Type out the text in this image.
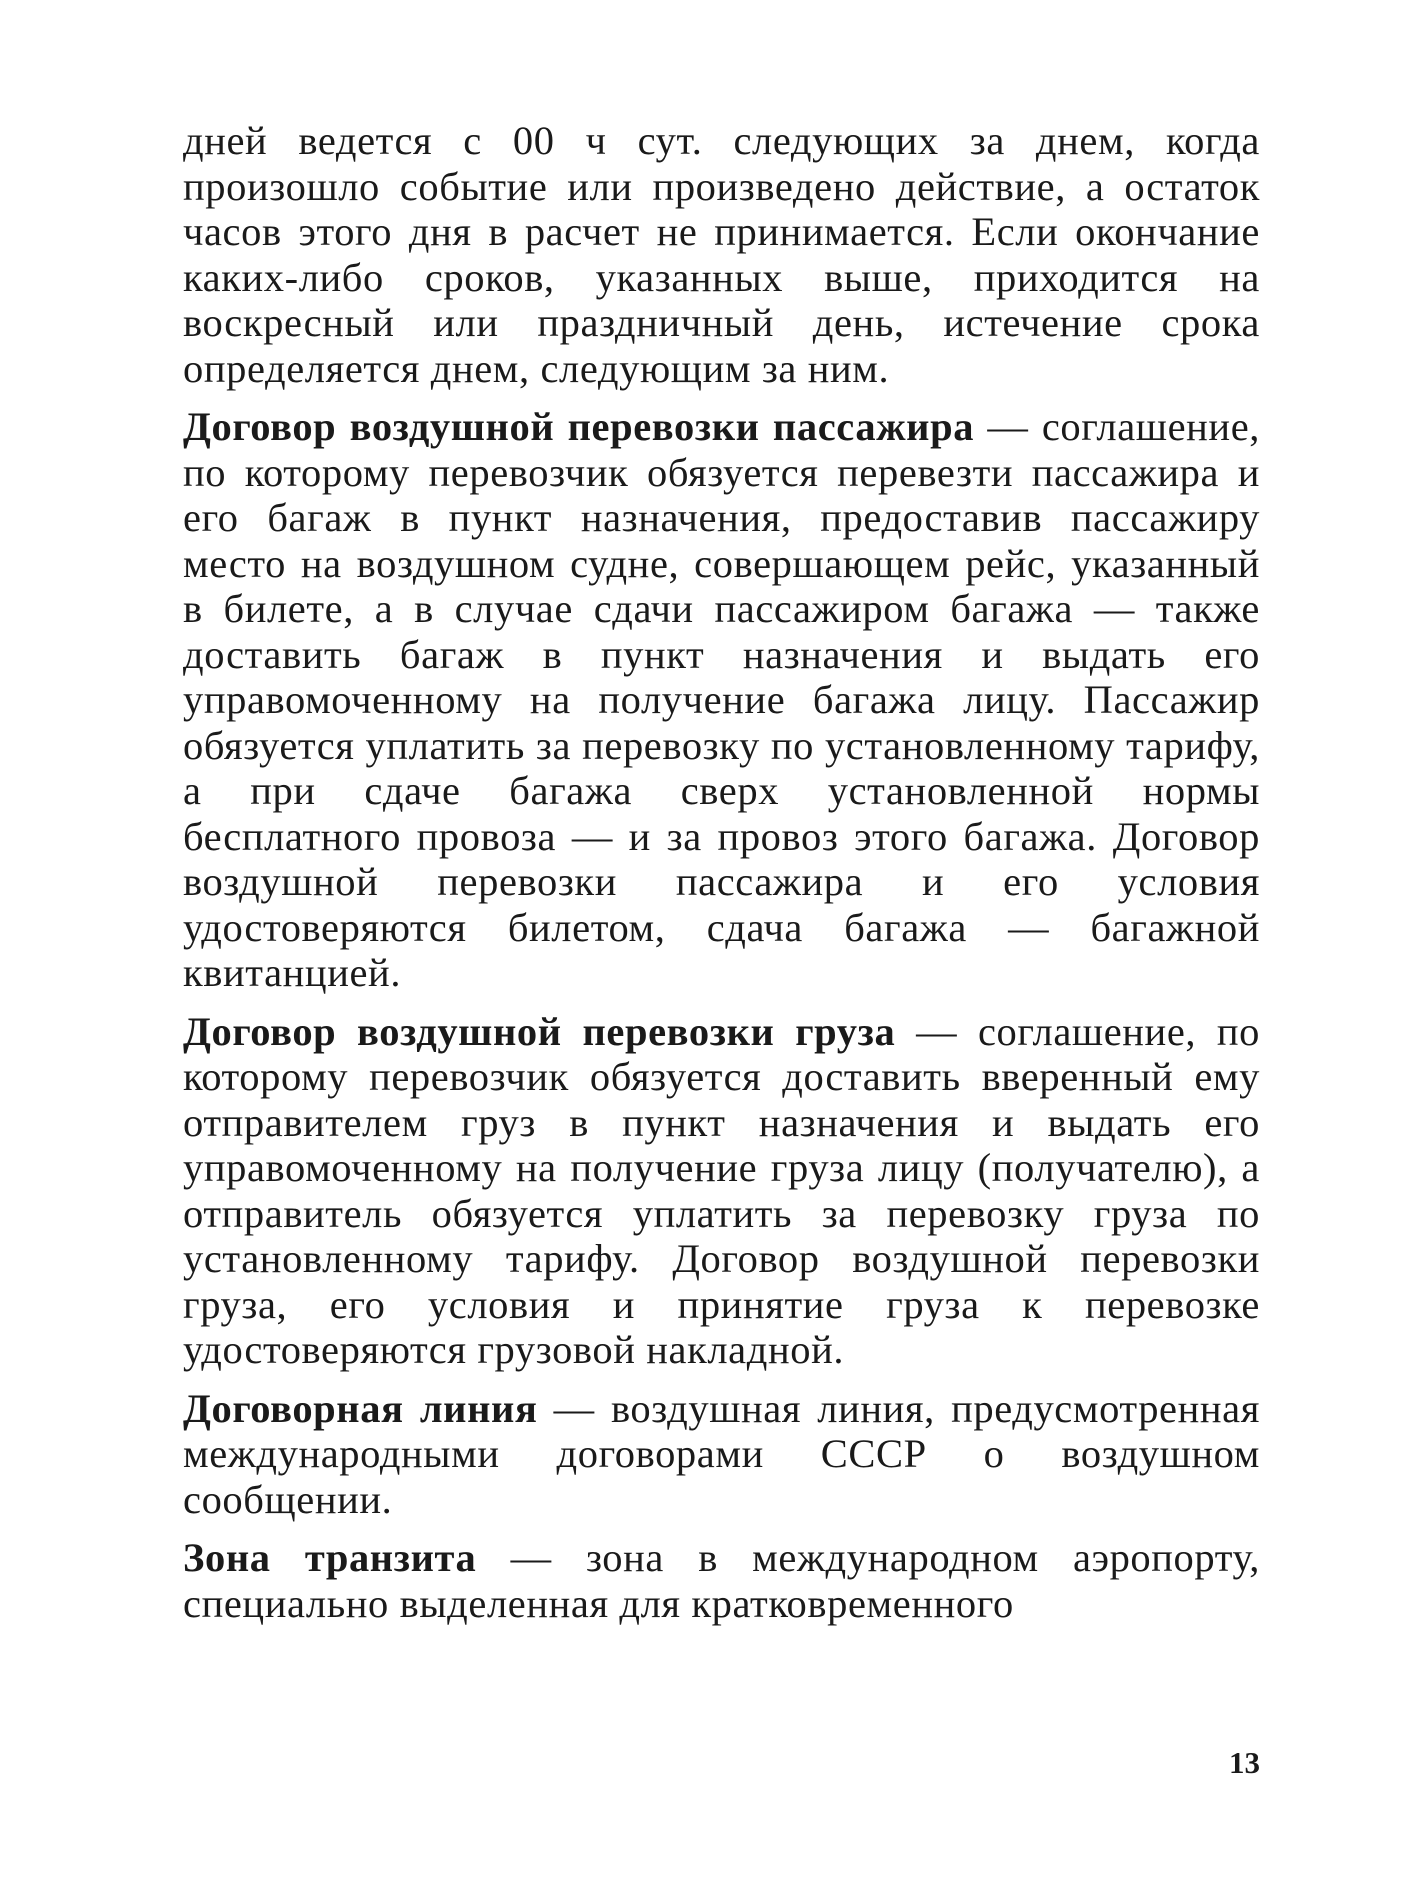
дней ведется с 00 ч сут. следующих за днем, когда произошло событие или произведено действие, а остаток часов этого дня в расчет не принимается. Если окончание каких-либо сроков, указанных выше, приходится на воскресный или праздничный день, истечение срока определяется днем, следующим за ним.

Договор воздушной перевозки пассажира — соглашение, по которому перевозчик обязуется перевезти пассажира и его багаж в пункт назначения, предоставив пассажиру место на воздушном судне, совершающем рейс, указанный в билете, а в случае сдачи пассажиром багажа — также доставить багаж в пункт назначения и выдать его управомоченному на получение багажа лицу. Пассажир обязуется уплатить за перевозку по установленному тарифу, а при сдаче багажа сверх установленной нормы бесплатного провоза — и за провоз этого багажа. Договор воздушной перевозки пассажира и его условия удостоверяются билетом, сдача багажа — багажной квитанцией.

Договор воздушной перевозки груза — соглашение, по которому перевозчик обязуется доставить вверенный ему отправителем груз в пункт назначения и выдать его управомоченному на получение груза лицу (получателю), а отправитель обязуется уплатить за перевозку груза по установленному тарифу. Договор воздушной перевозки груза, его условия и принятие груза к перевозке удостоверяются грузовой накладной.

Договорная линия — воздушная линия, предусмотренная международными договорами СССР о воздушном сообщении.

Зона транзита — зона в международном аэропорту, специально выделенная для кратковременного

13
